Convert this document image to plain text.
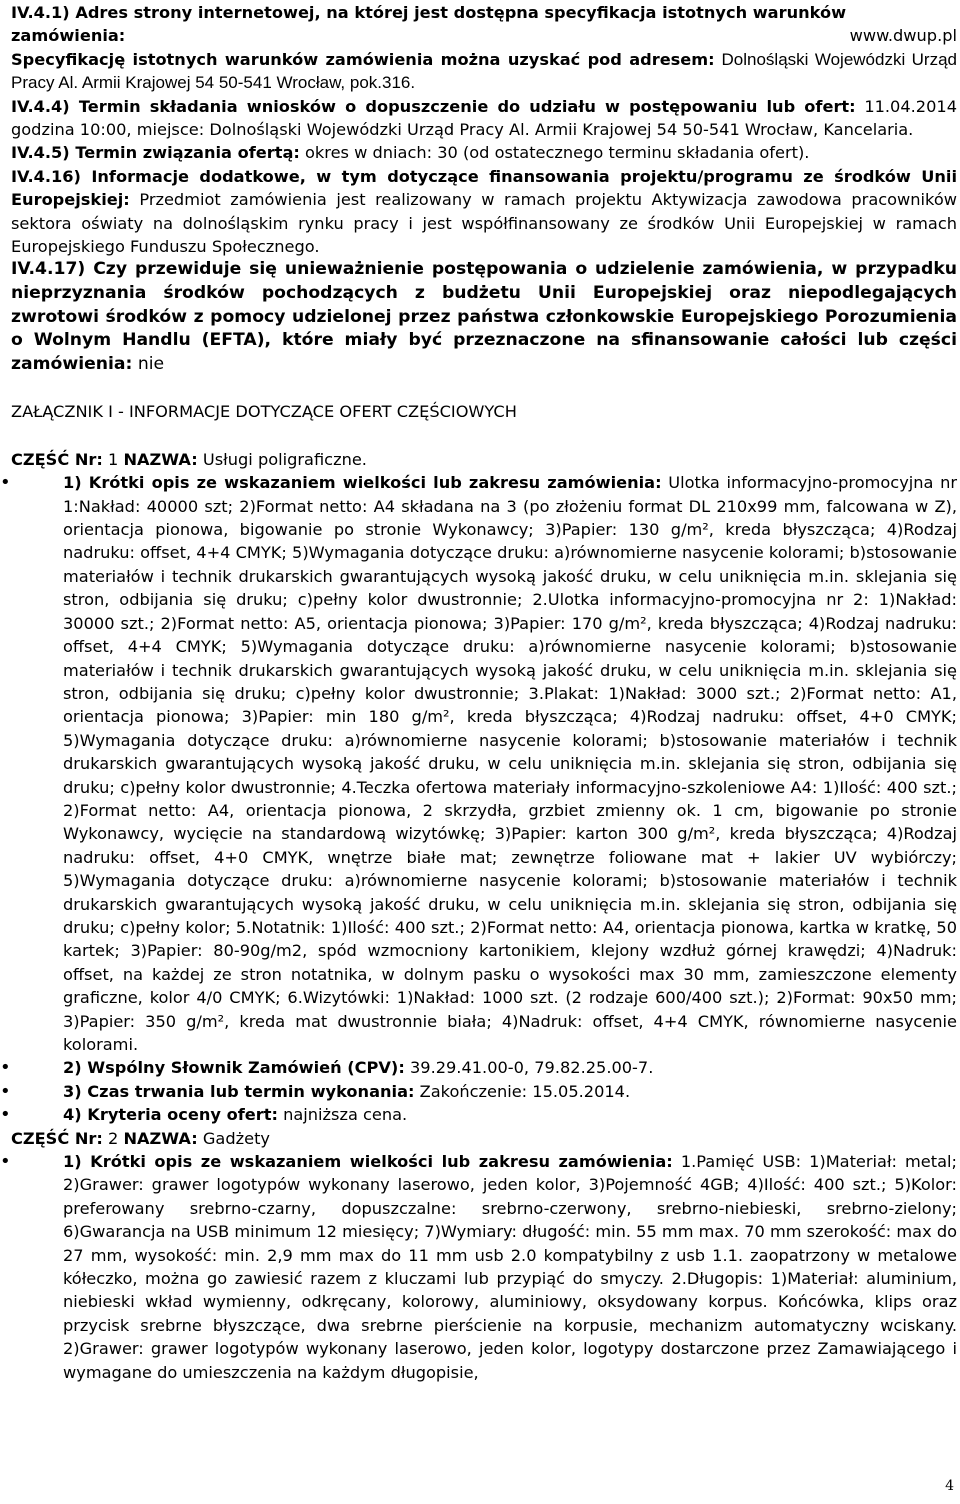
IV.4.1) Adres strony internetowej, na której jest dostępna specyfikacja istotnych warunków zamówienia:	www.dwup.pl

Specyfikację istotnych warunków zamówienia można uzyskać pod adresem: Dolnośląski Wojewódzki Urząd Pracy Al. Armii Krajowej 54 50-541 Wrocław, pok.316.

IV.4.4) Termin składania wniosków o dopuszczenie do udziału w postępowaniu lub ofert: 11.04.2014 godzina 10:00, miejsce: Dolnośląski Wojewódzki Urząd Pracy Al. Armii Krajowej 54 50-541 Wrocław, Kancelaria.

IV.4.5) Termin związania ofertą: okres w dniach: 30 (od ostatecznego terminu składania ofert).

IV.4.16) Informacje dodatkowe, w tym dotyczące finansowania projektu/programu ze środków Unii Europejskiej: Przedmiot zamówienia jest realizowany w ramach projektu Aktywizacja zawodowa pracowników sektora oświaty na dolnośląskim rynku pracy i jest współfinansowany ze środków Unii Europejskiej w ramach Europejskiego Funduszu Społecznego.

IV.4.17) Czy przewiduje się unieważnienie postępowania o udzielenie zamówienia, w przypadku nieprzyznania środków pochodzących z budżetu Unii Europejskiej oraz niepodlegających zwrotowi środków z pomocy udzielonej przez państwa członkowskie Europejskiego Porozumienia o Wolnym Handlu (EFTA), które miały być przeznaczone na sfinansowanie całości lub części zamówienia: nie

ZAŁĄCZNIK I - INFORMACJE DOTYCZĄCE OFERT CZĘŚCIOWYCH

CZĘŚĆ Nr: 1 NAZWA: Usługi poligraficzne.

• 1) Krótki opis ze wskazaniem wielkości lub zakresu zamówienia: Ulotka informacyjno-promocyjna nr 1:Nakład: 40000 szt; 2)Format netto: A4 składana na 3 (po złożeniu format DL 210x99 mm, falcowana w Z), orientacja pionowa, bigowanie po stronie Wykonawcy; 3)Papier: 130 g/m², kreda błyszcząca; 4)Rodzaj nadruku: offset, 4+4 CMYK; 5)Wymagania dotyczące druku: a)równomierne nasycenie kolorami; b)stosowanie materiałów i technik drukarskich gwarantujących wysoką jakość druku, w celu uniknięcia m.in. sklejania się stron, odbijania się druku; c)pełny kolor dwustronnie; 2.Ulotka informacyjno-promocyjna nr 2: 1)Nakład: 30000 szt.; 2)Format netto: A5, orientacja pionowa; 3)Papier: 170 g/m², kreda błyszcząca; 4)Rodzaj nadruku: offset, 4+4 CMYK; 5)Wymagania dotyczące druku: a)równomierne nasycenie kolorami; b)stosowanie materiałów i technik drukarskich gwarantujących wysoką jakość druku, w celu uniknięcia m.in. sklejania się stron, odbijania się druku; c)pełny kolor dwustronnie; 3.Plakat: 1)Nakład: 3000 szt.; 2)Format netto: A1, orientacja pionowa; 3)Papier: min 180 g/m², kreda błyszcząca; 4)Rodzaj nadruku: offset, 4+0 CMYK; 5)Wymagania dotyczące druku: a)równomierne nasycenie kolorami; b)stosowanie materiałów i technik drukarskich gwarantujących wysoką jakość druku, w celu uniknięcia m.in. sklejania się stron, odbijania się druku; c)pełny kolor dwustronnie; 4.Teczka ofertowa materiały informacyjno-szkoleniowe A4: 1)Ilość: 400 szt.; 2)Format netto: A4, orientacja pionowa, 2 skrzydła, grzbiet zmienny ok. 1 cm, bigowanie po stronie Wykonawcy, wycięcie na standardową wizytówkę; 3)Papier: karton 300 g/m², kreda błyszcząca; 4)Rodzaj nadruku: offset, 4+0 CMYK, wnętrze białe mat; zewnętrze foliowane mat + lakier UV wybiórczy; 5)Wymagania dotyczące druku: a)równomierne nasycenie kolorami; b)stosowanie materiałów i technik drukarskich gwarantujących wysoką jakość druku, w celu uniknięcia m.in. sklejania się stron, odbijania się druku; c)pełny kolor; 5.Notatnik: 1)Ilość: 400 szt.; 2)Format netto: A4, orientacja pionowa, kartka w kratkę, 50 kartek; 3)Papier: 80-90g/m2, spód wzmocniony kartonikiem, klejony wzdłuż górnej krawędzi; 4)Nadruk: offset, na każdej ze stron notatnika, w dolnym pasku o wysokości max 30 mm, zamieszczone elementy graficzne, kolor 4/0 CMYK; 6.Wizytówki: 1)Nakład: 1000 szt. (2 rodzaje 600/400 szt.); 2)Format: 90x50 mm; 3)Papier: 350 g/m², kreda mat dwustronnie biała; 4)Nadruk: offset, 4+4 CMYK, równomierne nasycenie kolorami.
• 2) Wspólny Słownik Zamówień (CPV): 39.29.41.00-0, 79.82.25.00-7.
• 3) Czas trwania lub termin wykonania: Zakończenie: 15.05.2014.
• 4) Kryteria oceny ofert: najniższa cena.

CZĘŚĆ Nr: 2 NAZWA: Gadżety

• 1) Krótki opis ze wskazaniem wielkości lub zakresu zamówienia: 1.Pamięć USB: 1)Materiał: metal; 2)Grawer: grawer logotypów wykonany laserowo, jeden kolor, 3)Pojemność 4GB; 4)Ilość: 400 szt.; 5)Kolor: preferowany srebrno-czarny, dopuszczalne: srebrno-czerwony, srebrno-niebieski, srebrno-zielony; 6)Gwarancja na USB minimum 12 miesięcy; 7)Wymiary: długość: min. 55 mm max. 70 mm szerokość: max do 27 mm, wysokość: min. 2,9 mm max do 11 mm usb 2.0 kompatybilny z usb 1.1. zaopatrzony w metalowe kółeczko, można go zawiesić razem z kluczami lub przypiąć do smyczy. 2.Długopis: 1)Materiał: aluminium, niebieski wkład wymienny, odkręcany, kolorowy, aluminiowy, oksydowany korpus. Końcówka, klips oraz przycisk srebrne błyszczące, dwa srebrne pierścienie na korpusie, mechanizm automatyczny wciskany. 2)Grawer: grawer logotypów wykonany laserowo, jeden kolor, logotypy dostarczone przez Zamawiającego i wymagane do umieszczenia na każdym długopisie,
4
